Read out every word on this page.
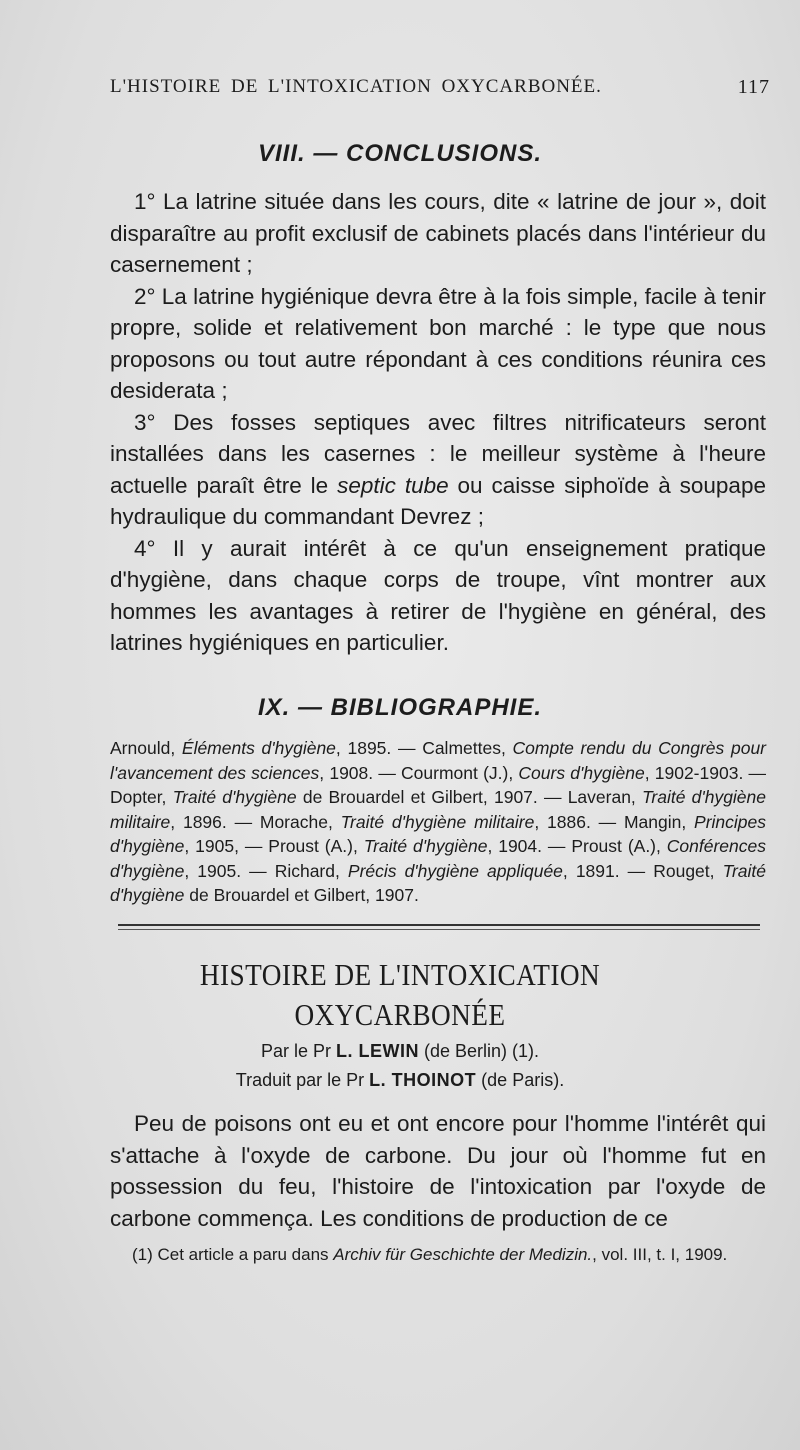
L'HISTOIRE DE L'INTOXICATION OXYCARBONÉE.	117
VIII. — CONCLUSIONS.

1° La latrine située dans les cours, dite « latrine de jour », doit disparaître au profit exclusif de cabinets placés dans l'intérieur du casernement ;

2° La latrine hygiénique devra être à la fois simple, facile à tenir propre, solide et relativement bon marché : le type que nous proposons ou tout autre répondant à ces conditions réunira ces desiderata ;

3° Des fosses septiques avec filtres nitrificateurs seront installées dans les casernes : le meilleur système à l'heure actuelle paraît être le septic tube ou caisse siphoïde à soupape hydraulique du commandant Devrez ;

4° Il y aurait intérêt à ce qu'un enseignement pratique d'hygiène, dans chaque corps de troupe, vînt montrer aux hommes les avantages à retirer de l'hygiène en général, des latrines hygiéniques en particulier.

IX. — BIBLIOGRAPHIE.

Arnould, Éléments d'hygiène, 1895. — Calmettes, Compte rendu du Congrès pour l'avancement des sciences, 1908. — Courmont (J.), Cours d'hygiène, 1902-1903. — Dopter, Traité d'hygiène de Brouardel et Gilbert, 1907. — Laveran, Traité d'hygiène militaire, 1896. — Morache, Traité d'hygiène militaire, 1886. — Mangin, Principes d'hygiène, 1905, — Proust (A.), Traité d'hygiène, 1904. — Proust (A.), Conférences d'hygiène, 1905. — Richard, Précis d'hygiène appliquée, 1891. — Rouget, Traité d'hygiène de Brouardel et Gilbert, 1907.

HISTOIRE DE L'INTOXICATION
OXYCARBONÉE
Par le Pr L. LEWIN (de Berlin) (1).
Traduit par le Pr L. THOINOT (de Paris).

Peu de poisons ont eu et ont encore pour l'homme l'intérêt qui s'attache à l'oxyde de carbone. Du jour où l'homme fut en possession du feu, l'histoire de l'intoxication par l'oxyde de carbone commença. Les conditions de production de ce

(1) Cet article a paru dans Archiv für Geschichte der Medizin., vol. III, t. I, 1909.
